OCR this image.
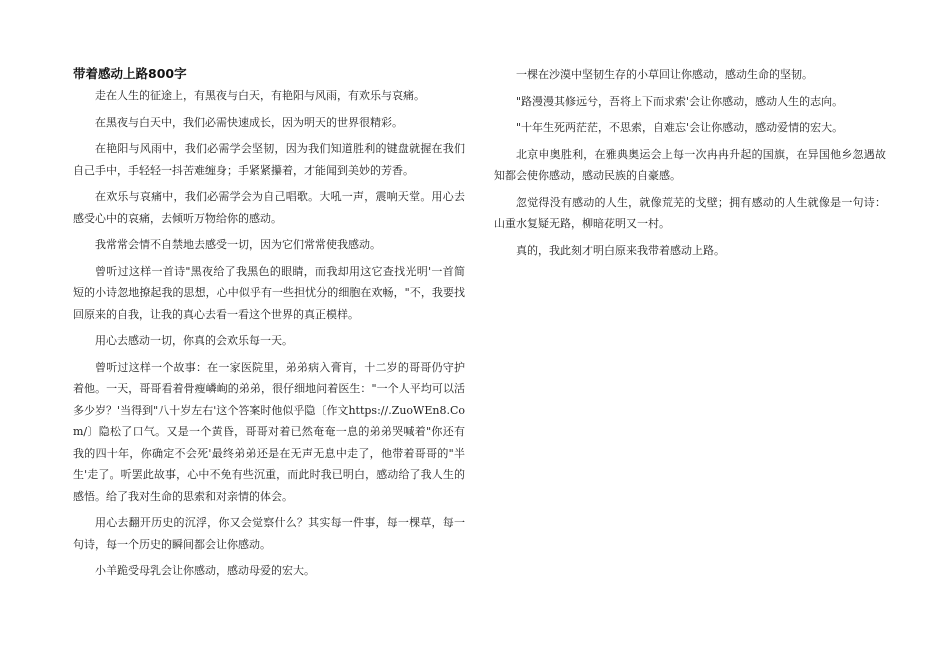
带着感动上路800字

走在人生的征途上，有黑夜与白天，有艳阳与风雨，有欢乐与哀痛。

在黑夜与白天中，我们必需快速成长，因为明天的世界很精彩。

在艳阳与风雨中，我们必需学会坚韧，因为我们知道胜利的键盘就握在我们自己手中，手轻轻一抖苦难缠身；手紧紧攥着，才能闻到美妙的芳香。

在欢乐与哀痛中，我们必需学会为自己唱歌。大吼一声，震响天堂。用心去感受心中的哀痛，去倾听万物给你的感动。

我常常会情不自禁地去感受一切，因为它们常常使我感动。

曾听过这样一首诗"黑夜给了我黑色的眼睛，而我却用这它查找光明'一首简短的小诗忽地撩起我的思想，心中似乎有一些担忧分的细胞在欢畅，"不，我要找回原来的自我，让我的真心去看一看这个世界的真正模样。

用心去感动一切，你真的会欢乐每一天。

曾听过这样一个故事：在一家医院里，弟弟病入膏肓，十二岁的哥哥仍守护着他。一天，哥哥看着骨瘦嶙峋的弟弟，很仔细地问着医生："一个人平均可以活多少岁？'当得到"八十岁左右'这个答案时他似乎隐〔作文https://.ZuoWEn8.Com/〕隐松了口气。又是一个黄昏，哥哥对着已然奄奄一息的弟弟哭喊着"你还有我的四十年，你确定不会死'最终弟弟还是在无声无息中走了，他带着哥哥的"半生'走了。听罢此故事，心中不免有些沉重，而此时我已明白，感动给了我人生的感悟。给了我对生命的思索和对亲情的体会。

用心去翻开历史的沉浮，你又会觉察什么？其实每一件事，每一棵草，每一句诗，每一个历史的瞬间都会让你感动。

小羊跪受母乳会让你感动，感动母爱的宏大。

一棵在沙漠中坚韧生存的小草回让你感动，感动生命的坚韧。

"路漫漫其修远兮，吾将上下而求索'会让你感动，感动人生的志向。

"十年生死两茫茫，不思索，自难忘'会让你感动，感动爱情的宏大。

北京申奥胜利，在雅典奥运会上每一次冉冉升起的国旗，在异国他乡忽遇故知都会使你感动，感动民族的自豪感。

忽觉得没有感动的人生，就像荒芜的戈壁；拥有感动的人生就像是一句诗：山重水复疑无路，柳暗花明又一村。

真的，我此刻才明白原来我带着感动上路。
